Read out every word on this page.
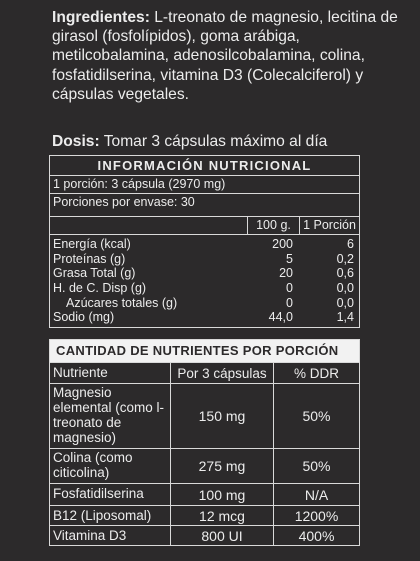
Ingredientes: L-treonato de magnesio, lecitina de girasol (fosfolípidos), goma arábiga, metilcobalamina, adenosilcobalamina, colina, fosfatidilserina, vitamina D3 (Colecalciferol) y cápsulas vegetales.
Dosis: Tomar 3 cápsulas máximo al día
INFORMACIÓN NUTRICIONAL
1 porción: 3 cápsula (2970 mg)
Porciones por envase: 30
100 g. 1 Porción
Energía (kcal)	200	6
Proteínas (g)	5	0,2
Grasa Total (g)	20	0,6
H. de C. Disp (g)	0	0,0
Azúcares totales (g)	0	0,0
Sodio (mg)	44,0	1,4
CANTIDAD DE NUTRIENTES POR PORCIÓN
Nutriente	Por 3 cápsulas	% DDR
Magnesio elemental (como l-treonato de magnesio)
150 mg	50%
Colina (como citicolina)	275 mg	50%
Fosfatidilserina	100 mg	N/A
B12 (Liposomal)	12 mcg	1200%
Vitamina D3	800 UI	400%
